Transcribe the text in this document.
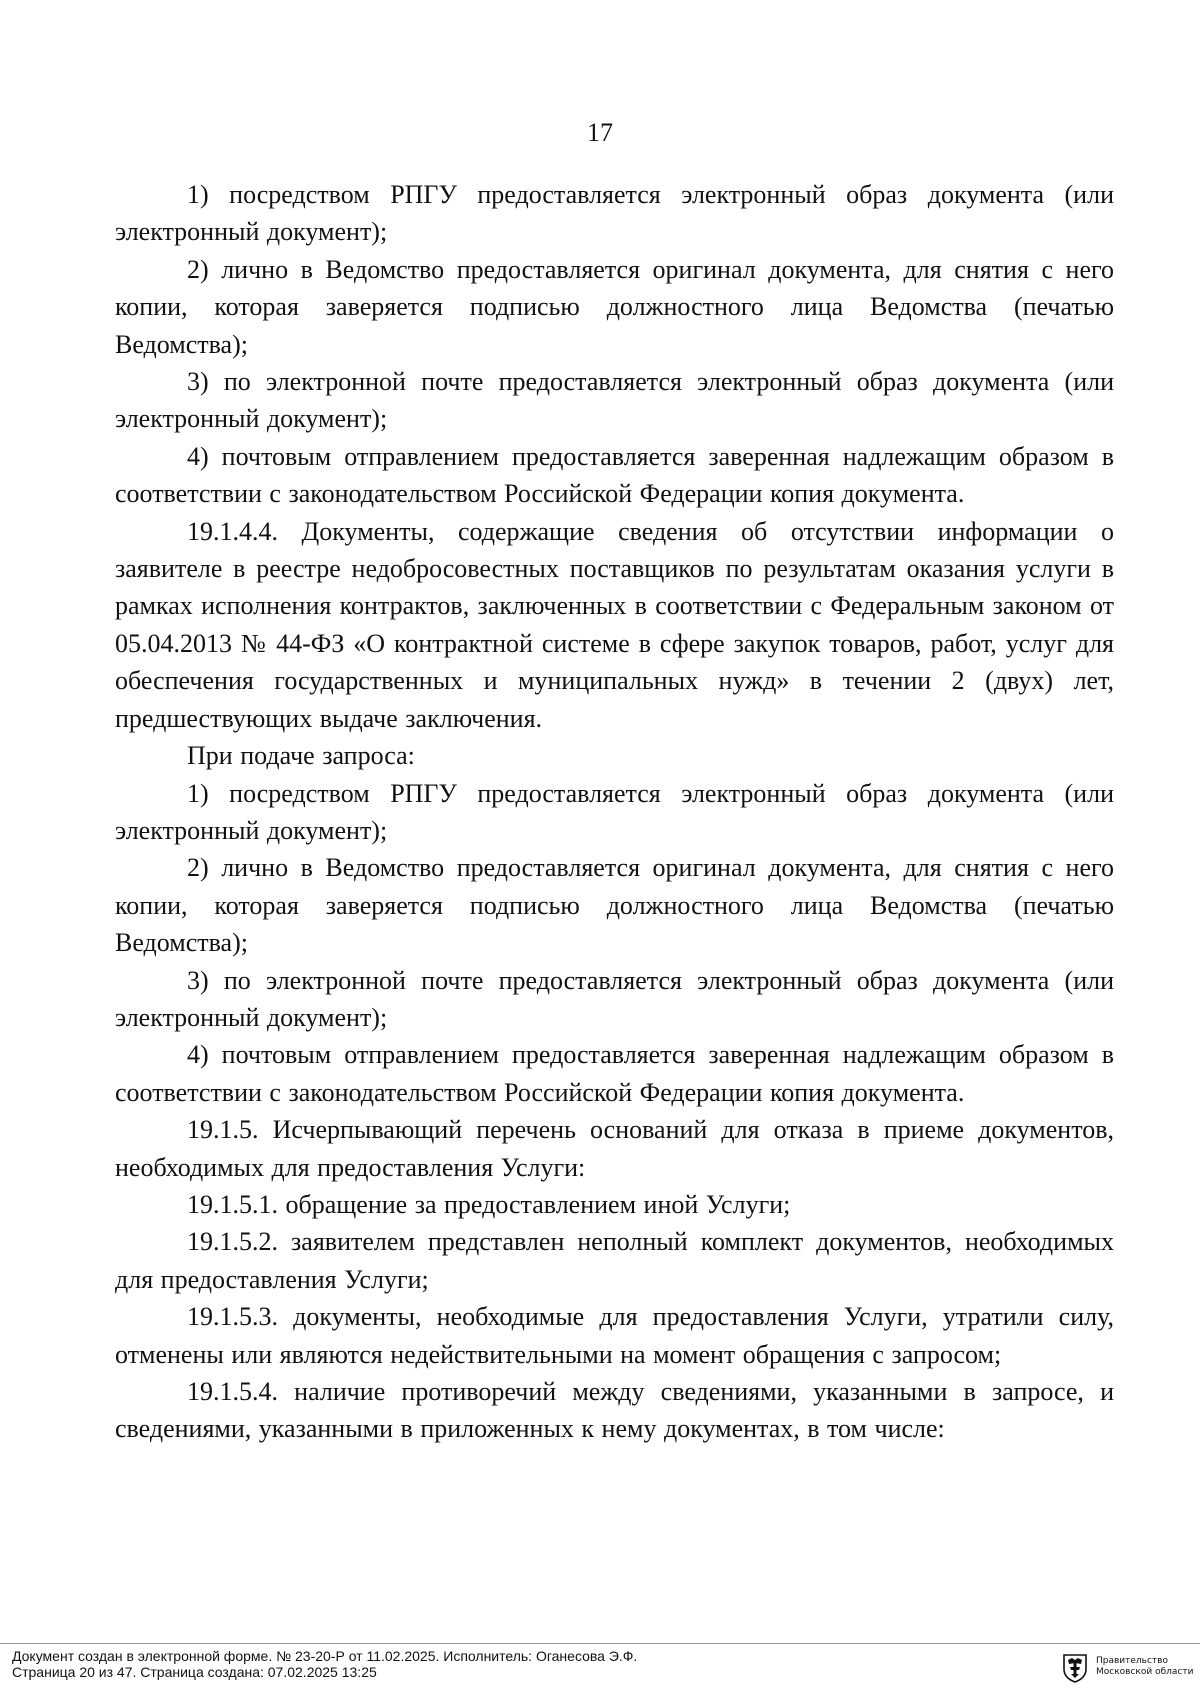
17

1) посредством РПГУ предоставляется электронный образ документа (или электронный документ);

2) лично в Ведомство предоставляется оригинал документа, для снятия с него копии, которая заверяется подписью должностного лица Ведомства (печатью Ведомства);

3) по электронной почте предоставляется электронный образ документа (или электронный документ);

4) почтовым отправлением предоставляется заверенная надлежащим образом в соответствии с законодательством Российской Федерации копия документа.

19.1.4.4. Документы, содержащие сведения об отсутствии информации о заявителе в реестре недобросовестных поставщиков по результатам оказания услуги в рамках исполнения контрактов, заключенных в соответствии с Федеральным законом от 05.04.2013 № 44-ФЗ «О контрактной системе в сфере закупок товаров, работ, услуг для обеспечения государственных и муниципальных нужд» в течении 2 (двух) лет, предшествующих выдаче заключения.

При подаче запроса:

1) посредством РПГУ предоставляется электронный образ документа (или электронный документ);

2) лично в Ведомство предоставляется оригинал документа, для снятия с него копии, которая заверяется подписью должностного лица Ведомства (печатью Ведомства);

3) по электронной почте предоставляется электронный образ документа (или электронный документ);

4) почтовым отправлением предоставляется заверенная надлежащим образом в соответствии с законодательством Российской Федерации копия документа.

19.1.5. Исчерпывающий перечень оснований для отказа в приеме документов, необходимых для предоставления Услуги:

19.1.5.1. обращение за предоставлением иной Услуги;

19.1.5.2. заявителем представлен неполный комплект документов, необходимых для предоставления Услуги;

19.1.5.3. документы, необходимые для предоставления Услуги, утратили силу, отменены или являются недействительными на момент обращения с запросом;

19.1.5.4. наличие противоречий между сведениями, указанными в запросе, и сведениями, указанными в приложенных к нему документах, в том числе:

Документ создан в электронной форме. № 23-20-Р от 11.02.2025. Исполнитель: Оганесова Э.Ф.
Страница 20 из 47. Страница создана: 07.02.2025 13:25
Правительство
Московской области
